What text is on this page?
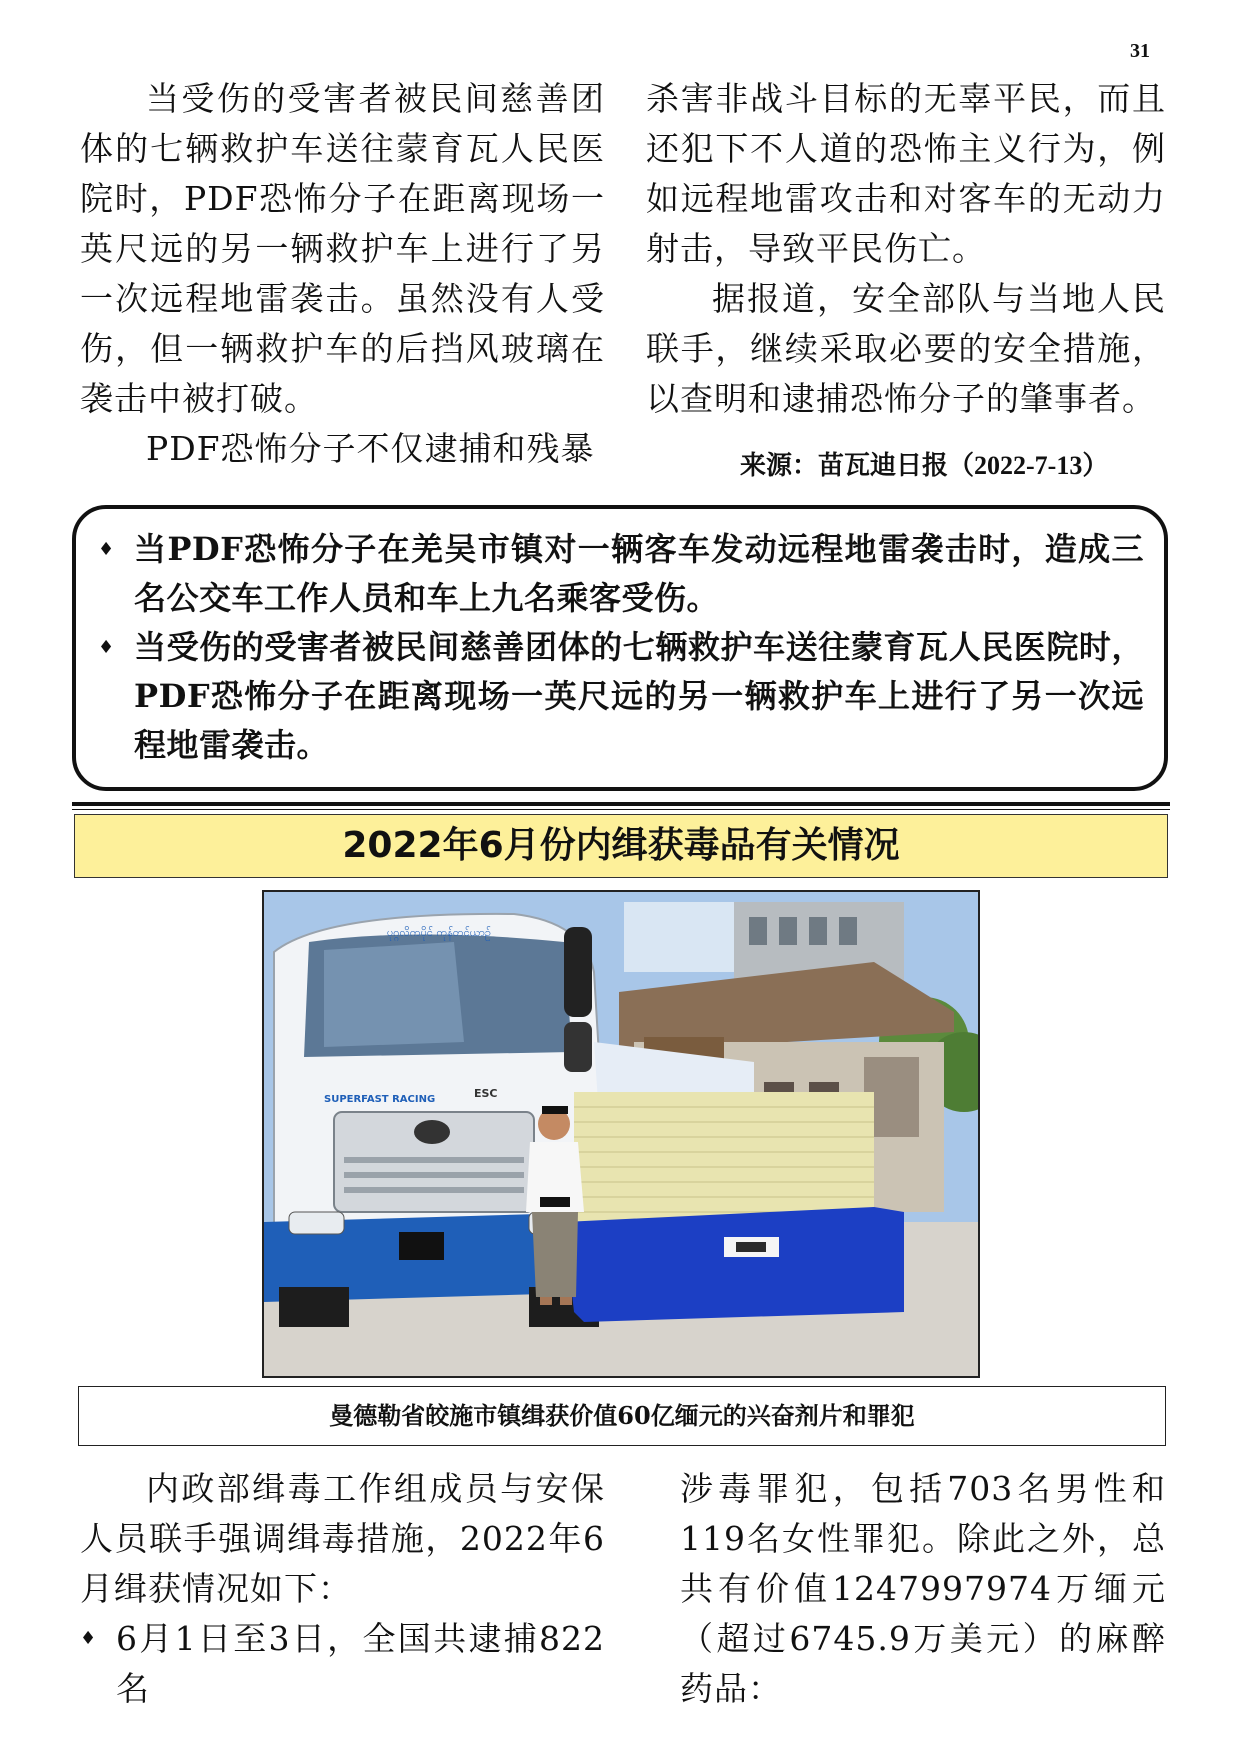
31

当受伤的受害者被民间慈善团体的七辆救护车送往蒙育瓦人民医院时，PDF恐怖分子在距离现场一英尺远的另一辆救护车上进行了另一次远程地雷袭击。虽然没有人受伤，但一辆救护车的后挡风玻璃在袭击中被打破。

PDF恐怖分子不仅逮捕和残暴

杀害非战斗目标的无辜平民，而且还犯下不人道的恐怖主义行为，例如远程地雷攻击和对客车的无动力射击，导致平民伤亡。

据报道，安全部队与当地人民联手，继续采取必要的安全措施，以查明和逮捕恐怖分子的肇事者。

来源：苗瓦迪日报（2022-7-13）
♦ 当PDF恐怖分子在羌吴市镇对一辆客车发动远程地雷袭击时，造成三名公交车工作人员和车上九名乘客受伤。
♦ 当受伤的受害者被民间慈善团体的七辆救护车送往蒙育瓦人民医院时，PDF恐怖分子在距离现场一英尺远的另一辆救护车上进行了另一次远程地雷袭击。
2022年6月份内缉获毒品有关情况
ပုဂ္ဂလိကပိုင် ကုန်တင်ယာဉ်
SUPERFAST RACING	ESC
曼德勒省皎施市镇缉获价值60亿缅元的兴奋剂片和罪犯

内政部缉毒工作组成员与安保人员联手强调缉毒措施，2022年6月缉获情况如下：

♦ 6月1日至3日，全国共逮捕822名

涉毒罪犯，包括703名男性和119名女性罪犯。除此之外，总共有价值1247997974万缅元（超过6745.9万美元）的麻醉药品：
